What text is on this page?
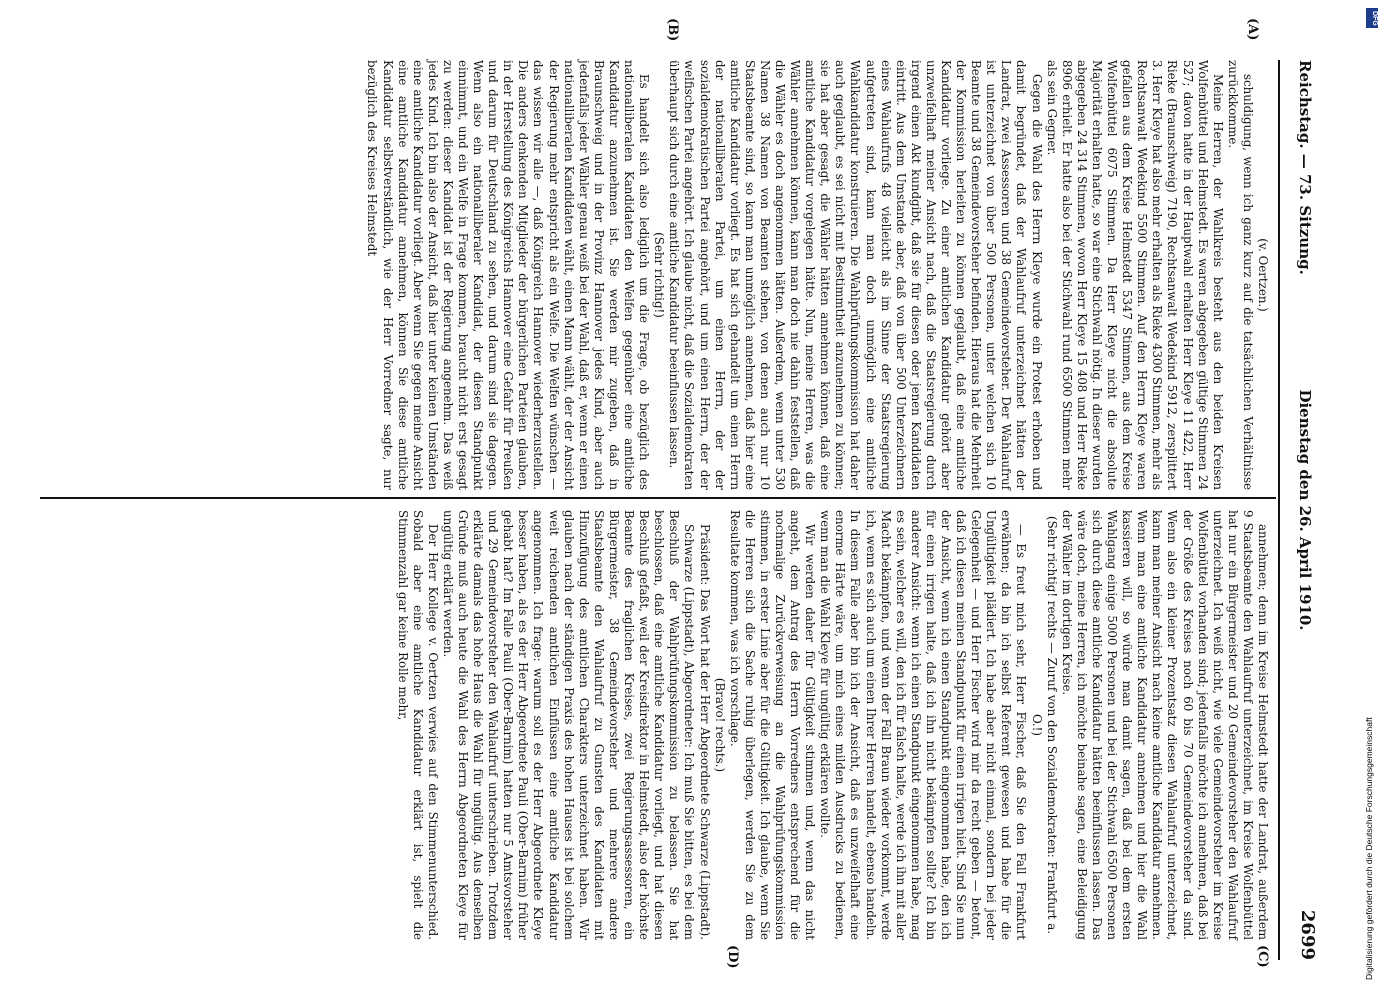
Reichstag. — 73. Sitzung.
Dienstag den 26. April 1910.
2699
(A)
(B)
(C)
(D)

(v. Oertzen.)

schuldigung, wenn ich ganz kurz auf die tatsächlichen Verhältnisse zurückkomme.

Meine Herren, der Wahlkreis besteht aus den beiden Kreisen Wolfenbüttel und Helmstedt. Es waren abgegeben gültige Stimmen 24 527; davon hatte in der Hauptwahl erhalten Herr Kleye 11 422, Herr Rieke (Braunschweig) 7190, Rechtsanwalt Wedekind 5912, zersplittert 3. Herr Kleye hat also mehr erhalten als Rieke 4300 Stimmen, mehr als Rechtsanwalt Wedekind 5500 Stimmen. Auf den Herrn Kleye waren gefallen aus dem Kreise Helmstedt 5347 Stimmen, aus dem Kreise Wolfenbüttel 6075 Stimmen. Da Herr Kleye nicht die absolute Majorität erhalten hatte, so war eine Stichwahl nötig. In dieser wurden abgegeben 24 314 Stimmen, wovon Herr Kleye 15 408 und Herr Rieke 8906 erhielt. Er hatte also bei der Stichwahl rund 6500 Stimmen mehr als sein Gegner.

Gegen die Wahl des Herrn Kleye wurde ein Protest erhoben und damit begründet, daß der Wahlaufruf unterzeichnet hätten der Landrat, zwei Assessoren und 38 Gemeindevorsteher. Der Wahlaufruf ist unterzeichnet von über 500 Personen, unter welchen sich 10 Beamte und 38 Gemeindevorsteher befinden. Hieraus hat die Mehrheit der Kommission herleiten zu können geglaubt, daß eine amtliche Kandidatur vorliege. Zu einer amtlichen Kandidatur gehört aber unzweifelhaft meiner Ansicht nach, daß die Staatsregierung durch irgend einen Akt kundgibt, daß sie für diesen oder jenen Kandidaten eintritt. Aus dem Umstande aber, daß von über 500 Unterzeichnern eines Wahlaufrufs 48 vielleicht als im Sinne der Staatsregierung aufgetreten sind, kann man doch unmöglich eine amtliche Wahlkandidatur konstruieren. Die Wahlprüfungskommission hat daher auch geglaubt, es sei nicht mit Bestimmtheit anzunehmen zu können; sie hat aber gesagt, die Wähler hätten annehmen können, daß eine amtliche Kandidatur vorgelegen hätte. Nun, meine Herren, was die Wähler annehmen können, kann man doch nie dahin feststellen, daß die Wähler es doch angenommen hätten. Außerdem, wenn unter 530 Namen 38 Namen von Beamten stehen, von denen auch nur 10 Staatsbeamte sind, so kann man unmöglich annehmen, daß hier eine amtliche Kandidatur vorliegt. Es hat sich gehandelt um einen Herrn der nationalliberalen Partei, um einen Herrn, der der sozialdemokratischen Partei angehört, und um einen Herrn, der der welfischen Partei angehört. Ich glaube nicht, daß die Sozialdemokraten überhaupt sich durch eine amtliche Kandidatur beeinflussen lassen.

(Sehr richtig!)

Es handelt sich also lediglich um die Frage, ob bezüglich des nationalliberalen Kandidaten den Welfen gegenüber eine amtliche Kandidatur anzunehmen ist. Sie werden mir zugeben, daß in Braunschweig und in der Provinz Hannover jedes Kind, aber auch jedenfalls jeder Wähler genau weiß bei der Wahl, daß er, wenn er einen nationalliberalen Kandidaten wählt, einen Mann wählt, der der Ansicht der Regierung mehr entspricht als ein Welfe. Die Welfen wünschen — das wissen wir alle —, daß Königreich Hannover wiederherzustellen. Die anders denkenden Mitglieder der bürgerlichen Parteien glauben, in der Herstellung des Königreichs Hannover eine Gefahr für Preußen und darum für Deutschland zu sehen, und darum sind sie dagegen. Wenn also ein nationalliberaler Kandidat, der diesen Standpunkt einnimmt, und ein Welfe in Frage kommen, braucht nicht erst gesagt zu werden: dieser Kandidat ist der Regierung angenehm. Das weiß jedes Kind. Ich bin also der Ansicht, daß hier unter keinen Umständen eine amtliche Kandidatur vorliegt. Aber wenn Sie gegen meine Ansicht eine amtliche Kandidatur annehmen, können Sie diese amtliche Kandidatur selbstverständlich, wie der Herr Vorredner sagte, nur bezüglich des Kreises Helmstedt

annehmen; denn im Kreise Helmstedt hatte der Landrat, außerdem 9 Staatsbeamte den Wahlaufruf unterzeichnet, im Kreise Wolfenbüttel hat nur ein Bürgermeister und 20 Gemeindevorsteher den Wahlaufruf unterzeichnet. Ich weiß nicht, wie viele Gemeindevorsteher im Kreise Wolfenbüttel vorhanden sind; jedenfalls möchte ich annehmen, daß bei der Größe des Kreises noch 60 bis 70 Gemeindevorsteher da sind. Wenn also ein kleiner Prozentsatz diesen Wahlaufruf unterzeichnet, kann man meiner Ansicht nach keine amtliche Kandidatur annehmen. Wenn man eine amtliche Kandidatur annehmen und hier die Wahl kassieren will, so würde man damit sagen, daß bei dem ersten Wahlgang einige 5000 Personen und bei der Stichwahl 6500 Personen sich durch diese amtliche Kandidatur hätten beeinflussen lassen. Das wäre doch, meine Herren, ich möchte beinahe sagen, eine Beleidigung der Wähler im dortigen Kreise.

(Sehr richtig! rechts — Zuruf von den Sozialdemokraten: Frankfurt a. O.!)

— Es freut mich sehr, Herr Fischer, daß Sie den Fall Frankfurt erwähnen; da bin ich selbst Referent gewesen und habe für die Ungültigkeit plädiert. Ich habe aber nicht einmal, sondern bei jeder Gelegenheit — und Herr Fischer wird mir da recht geben — betont, daß ich diesen meinen Standpunkt für einen irrigen hielt. Sind Sie nun der Ansicht, wenn ich einen Standpunkt eingenommen habe, den ich für einen irrigen halte, daß ich ihn nicht bekämpfen sollte? Ich bin anderer Ansicht: wenn ich einen Standpunkt eingenommen habe, mag es sein, welcher es will, den ich für falsch halte, werde ich ihn mit aller Macht bekämpfen, und wenn der Fall Braun wieder vorkommt, werde ich, wenn es sich auch um einen Ihrer Herren handelt, ebenso handeln. In diesem Falle aber bin ich der Ansicht, daß es unzweifelhaft eine enorme Härte wäre, um mich eines milden Ausdrucks zu bedienen, wenn man die Wahl Kleye für ungültig erklären wollte.

Wir werden daher für Gültigkeit stimmen und, wenn das nicht angeht, dem Antrag des Herrn Vorredners entsprechend für die nochmalige Zurückverweisung an die Wahlprüfungskommission stimmen, in erster Linie aber für die Gültigkeit. Ich glaube, wenn Sie die Herren sich die Sache ruhig überlegen, werden Sie zu dem Resultate kommen, was ich vorschlage.

(Bravo! rechts.)

Präsident: Das Wort hat der Herr Abgeordnete Schwarze (Lippstadt).

Schwarze (Lippstadt), Abgeordneter: Ich muß Sie bitten, es bei dem Beschluß der Wahlprüfungskommission zu belassen. Sie hat beschlossen, daß eine amtliche Kandidatur vorliegt, und hat diesen Beschluß gefaßt, weil der Kreisdirektor in Helmstedt, also der höchste Beamte des fraglichen Kreises, zwei Regierungsassessoren, ein Bürgermeister, 38 Gemeindevorsteher und mehrere andere Staatsbeamte den Wahlaufruf zu Gunsten des Kandidaten mit Hinzufügung des amtlichen Charakters unterzeichnet haben. Wir glauben nach der ständigen Praxis des hohen Hauses ist bei solchem weit reichenden amtlichen Einflüssen eine amtliche Kandidatur angenommen. Ich frage: warum soll es der Herr Abgeordnete Kleye besser haben, als es der Herr Abgeordnete Pauli (Ober-Barnim) früher gehabt hat? Im Falle Pauli (Ober-Barnim) hatten nur 5 Amtsvorsteher und 29 Gemeindevorsteher den Wahlaufruf unterschrieben. Trotzdem erklärte damals das hohe Haus die Wahl für ungültig. Aus denselben Gründe muß auch heute die Wahl des Herrn Abgeordneten Kleye für ungültig erklärt werden.

Der Herr Kollege v. Oertzen verwies auf den Stimmenunterschied. Sobald aber eine amtliche Kandidatur erklärt ist, spielt die Stimmenzahl gar keine Rolle mehr,

DFG
Digitalisierung gefördert durch die Deutsche Forschungsgemeinschaft
